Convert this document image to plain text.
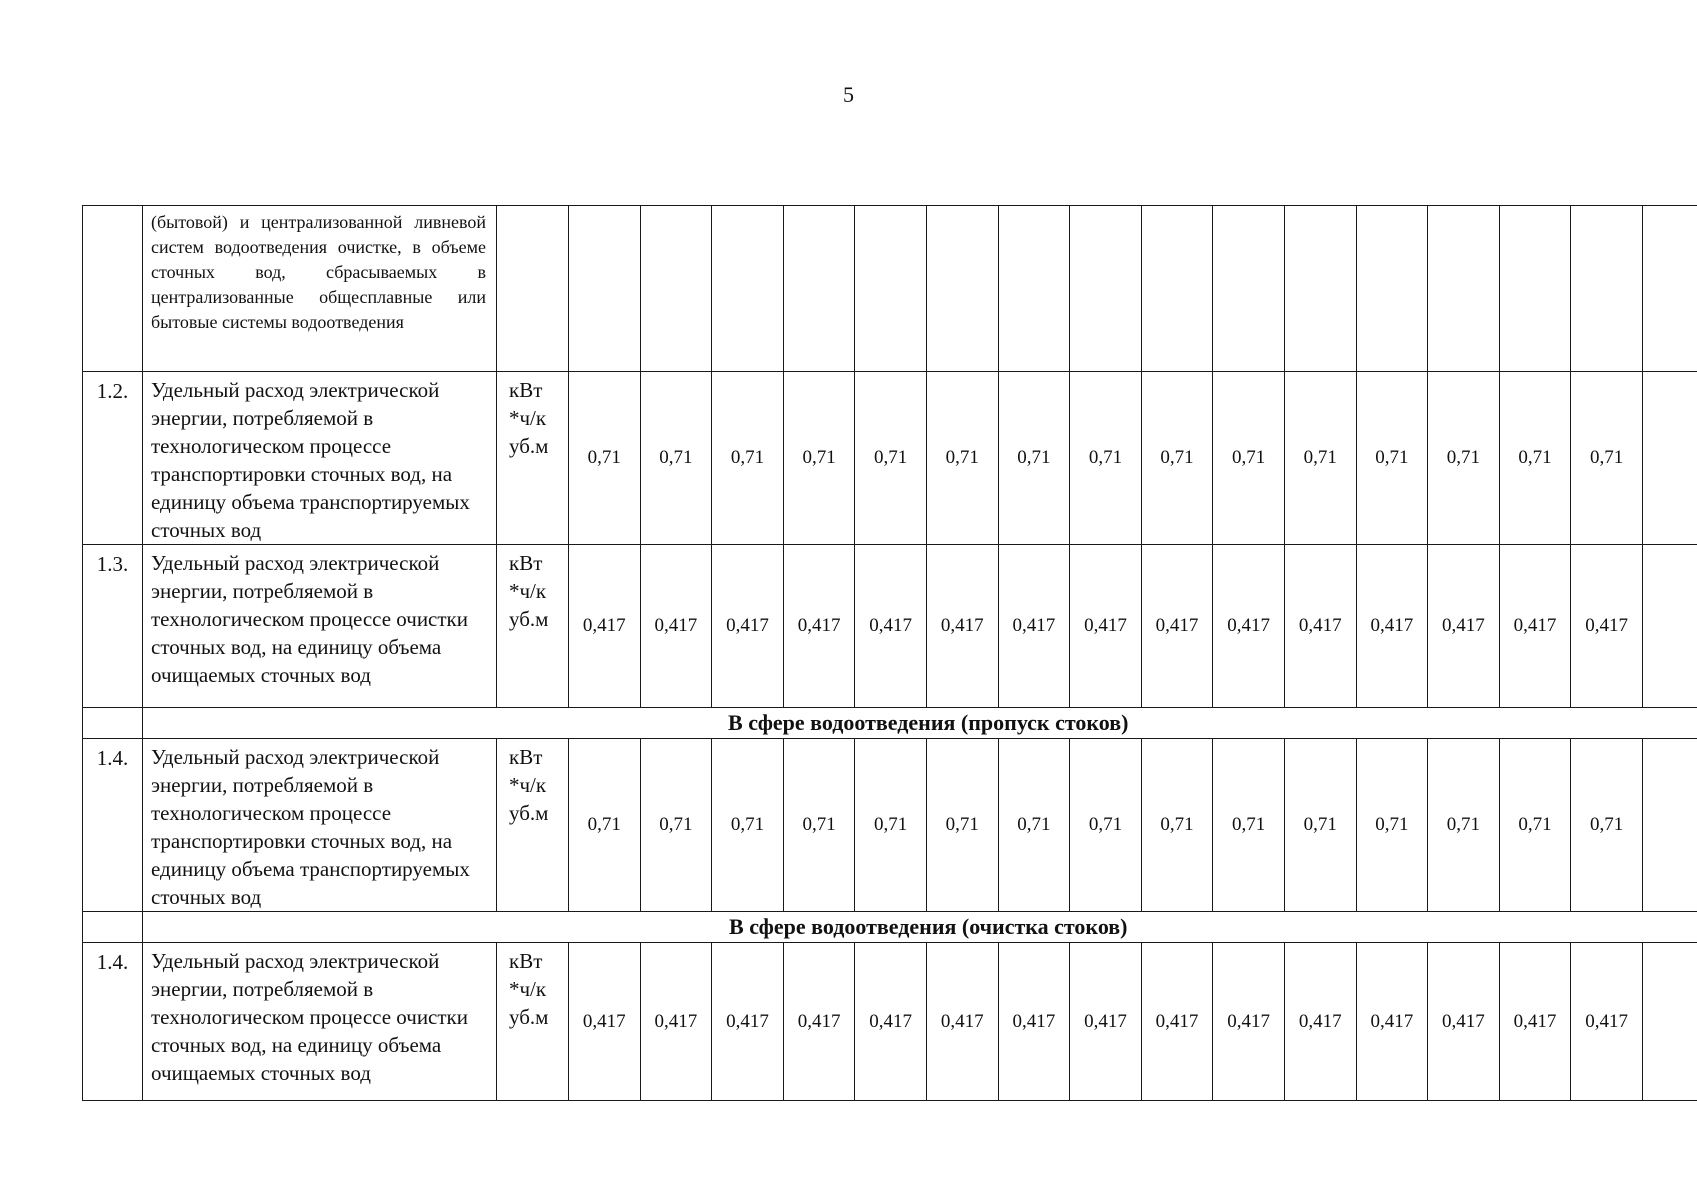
5
	(бытовой) и централизованной ливневой систем водоотведения очистке, в объеме сточных вод, сбрасываемых в централизованные общесплавные или бытовые системы водоотведения																	
1.2.	Удельный расход электрической энергии, потребляемой в технологическом процессе транспортировки сточных вод, на единицу объема транспортируемых сточных вод	кВт
*ч/к
уб.м	0,71	0,71	0,71	0,71	0,71	0,71	0,71	0,71	0,71	0,71	0,71	0,71	0,71	0,71	0,71	
1.3.	Удельный расход электрической энергии, потребляемой в технологическом процессе очистки сточных вод, на единицу объема очищаемых сточных вод	кВт
*ч/к
уб.м	0,417	0,417	0,417	0,417	0,417	0,417	0,417	0,417	0,417	0,417	0,417	0,417	0,417	0,417	0,417	
	В сфере водоотведения (пропуск стоков)																	
1.4.	Удельный расход электрической энергии, потребляемой в технологическом процессе транспортировки сточных вод, на единицу объема транспортируемых сточных вод	кВт
*ч/к
уб.м	0,71	0,71	0,71	0,71	0,71	0,71	0,71	0,71	0,71	0,71	0,71	0,71	0,71	0,71	0,71	
	В сфере водоотведения (очистка стоков)																	
1.4.	Удельный расход электрической энергии, потребляемой в технологическом процессе очистки сточных вод, на единицу объема очищаемых сточных вод	кВт
*ч/к
уб.м	0,417	0,417	0,417	0,417	0,417	0,417	0,417	0,417	0,417	0,417	0,417	0,417	0,417	0,417	0,417	
